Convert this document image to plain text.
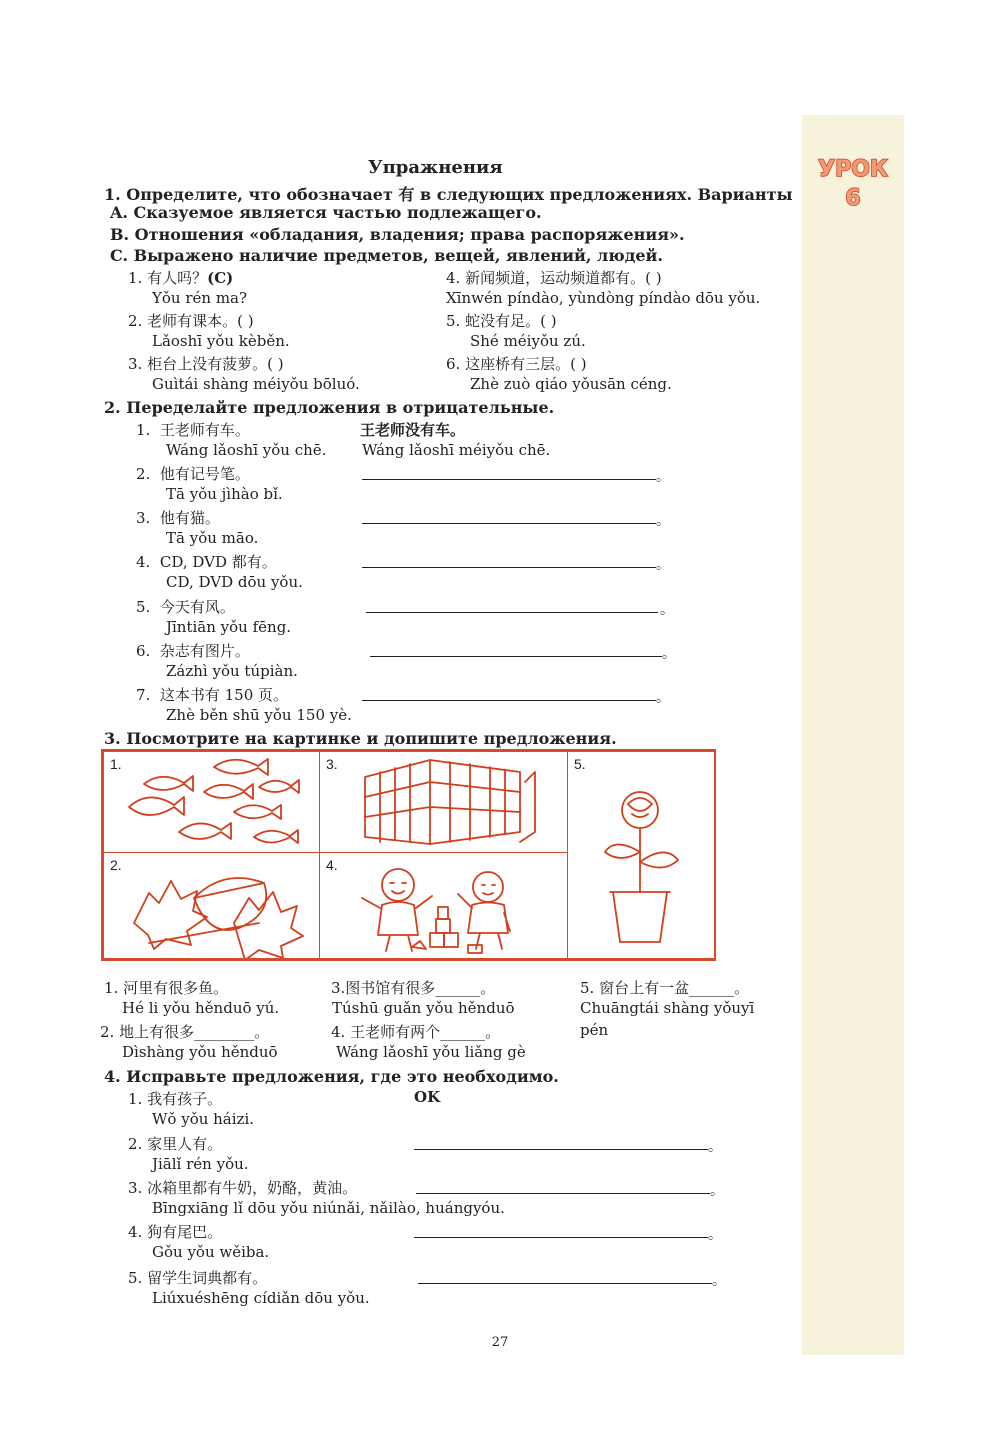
УРОК
6
Упражнения
1. Определите, что обозначает 有 в следующих предложениях. Варианты
A. Сказуемое является частью подлежащего.
B. Отношения «обладания, владения; права распоряжения».
C. Выражено наличие предметов, вещей, явлений, людей.
1. 有人吗？(C)
Yǒu rén ma?
2. 老师有课本。( )
Lǎoshī yǒu kèběn.
3. 柜台上没有菠萝。( )
Guìtái shàng méiyǒu bōluó.
4. 新闻频道，运动频道都有。( )
Xīnwén píndào, yùndòng píndào dōu yǒu.
5. 蛇没有足。( )
Shé méiyǒu zú.
6. 这座桥有三层。( )
Zhè zuò qiáo yǒusān céng.
2. Переделайте предложения в отрицательные.
1. 王老师有车。
Wáng lǎoshī yǒu chē.
王老师没有车。
Wáng lǎoshī méiyǒu chē.
2. 他有记号笔。
Tā yǒu jìhào bǐ.
。
3. 他有猫。
Tā yǒu māo.
。
4. CD, DVD 都有。
CD, DVD dōu yǒu.
。
5. 今天有风。
Jīntiān yǒu fēng.
。
6. 杂志有图片。
Zázhì yǒu túpiàn.
。
7. 这本书有 150 页。
Zhè běn shū yǒu 150 yè.
。
3. Посмотрите на картинке и допишите предложения.
1.	3.	5.
2.	4.
1. 河里有很多鱼。
Hé li yǒu hěnduō yú.
2. 地上有很多________。
Dìshàng yǒu hěnduō
3.图书馆有很多______。
Túshū guǎn yǒu hěnduō
4. 王老师有两个______。
Wáng lǎoshī yǒu liǎng gè
5. 窗台上有一盆______。
Chuāngtái shàng yǒuyī
pén
4. Исправьте предложения, где это необходимо.
1. 我有孩子。
Wǒ yǒu háizi.
OK
2. 家里人有。
Jiālǐ rén yǒu.
。
3. 冰箱里都有牛奶，奶酪，黄油。
Bīngxiāng lǐ dōu yǒu niúnǎi, nǎilào, huángyóu.
。
4. 狗有尾巴。
Gǒu yǒu wěiba.
。
5. 留学生词典都有。
Liúxuéshēng cídiǎn dōu yǒu.
。
27
